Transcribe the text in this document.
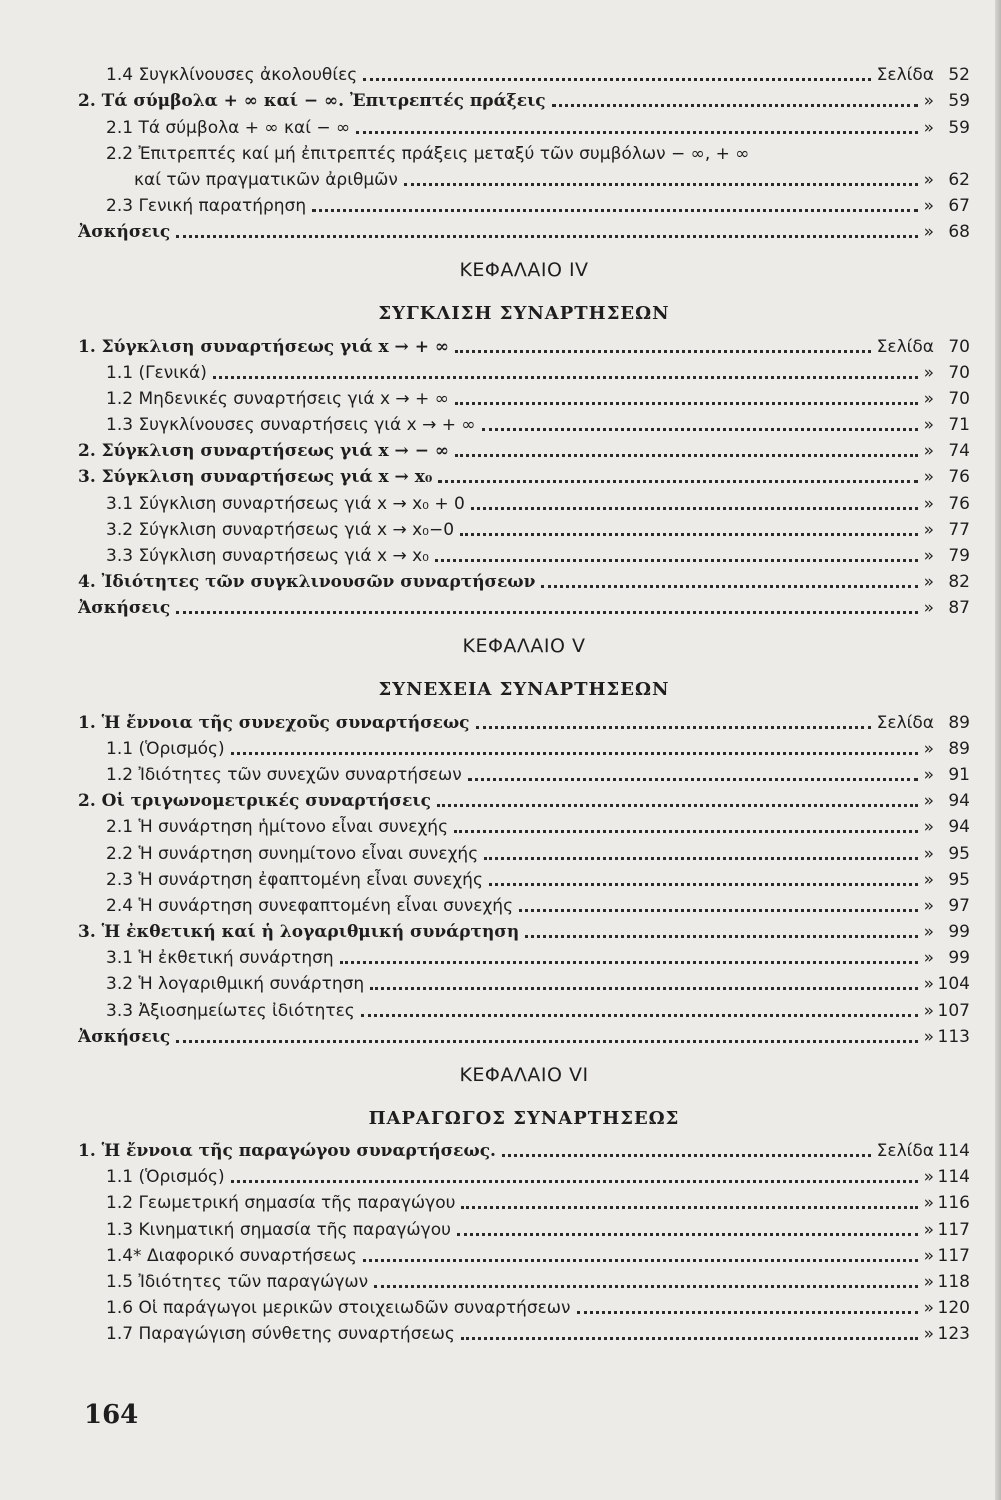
1.4 Συγκλίνουσες ἀκολουθίες	Σελίδα 52
2. Τά σύμβολα + ∞ καί − ∞. Ἐπιτρεπτές πράξεις	» 59
2.1 Τά σύμβολα + ∞ καί − ∞	» 59
2.2 Ἐπιτρεπτές καί μή ἐπιτρεπτές πράξεις μεταξύ τῶν συμβόλων − ∞, + ∞
καί τῶν πραγματικῶν ἀριθμῶν	» 62
2.3 Γενική παρατήρηση	» 67
Ἀσκήσεις	» 68
ΚΕΦΑΛΑΙΟ IV
ΣΥΓΚΛΙΣΗ ΣΥΝΑΡΤΗΣΕΩΝ
1. Σύγκλιση συναρτήσεως γιά x → + ∞	Σελίδα 70
1.1 (Γενικά)	» 70
1.2 Μηδενικές συναρτήσεις γιά x → + ∞	» 70
1.3 Συγκλίνουσες συναρτήσεις γιά x → + ∞	» 71
2. Σύγκλιση συναρτήσεως γιά x → − ∞	» 74
3. Σύγκλιση συναρτήσεως γιά x → x₀	» 76
3.1 Σύγκλιση συναρτήσεως γιά x → x₀ + 0	» 76
3.2 Σύγκλιση συναρτήσεως γιά x → x₀−0	» 77
3.3 Σύγκλιση συναρτήσεως γιά x → x₀	» 79
4. Ἰδιότητες τῶν συγκλινουσῶν συναρτήσεων	» 82
Ἀσκήσεις	» 87
ΚΕΦΑΛΑΙΟ V
ΣΥΝΕΧΕΙΑ ΣΥΝΑΡΤΗΣΕΩΝ
1. Ἡ ἔννοια τῆς συνεχοῦς συναρτήσεως	Σελίδα 89
1.1 (Ὁρισμός)	» 89
1.2 Ἰδιότητες τῶν συνεχῶν συναρτήσεων	» 91
2. Οἱ τριγωνομετρικές συναρτήσεις	» 94
2.1 Ἡ συνάρτηση ἡμίτονο εἶναι συνεχής	» 94
2.2 Ἡ συνάρτηση συνημίτονο εἶναι συνεχής	» 95
2.3 Ἡ συνάρτηση ἐφαπτομένη εἶναι συνεχής	» 95
2.4 Ἡ συνάρτηση συνεφαπτομένη εἶναι συνεχής	» 97
3. Ἡ ἐκθετική καί ἡ λογαριθμική συνάρτηση	» 99
3.1 Ἡ ἐκθετική συνάρτηση	» 99
3.2 Ἡ λογαριθμική συνάρτηση	» 104
3.3 Ἀξιοσημείωτες ἰδιότητες	» 107
Ἀσκήσεις	» 113
ΚΕΦΑΛΑΙΟ VI
ΠΑΡΑΓΩΓΟΣ ΣΥΝΑΡΤΗΣΕΩΣ
1. Ἡ ἔννοια τῆς παραγώγου συναρτήσεως.	Σελίδα 114
1.1 (Ὁρισμός)	» 114
1.2 Γεωμετρική σημασία τῆς παραγώγου	» 116
1.3 Κινηματική σημασία τῆς παραγώγου	» 117
1.4* Διαφορικό συναρτήσεως	» 117
1.5 Ἰδιότητες τῶν παραγώγων	» 118
1.6 Οἱ παράγωγοι μερικῶν στοιχειωδῶν συναρτήσεων	» 120
1.7 Παραγώγιση σύνθετης συναρτήσεως	» 123
164
